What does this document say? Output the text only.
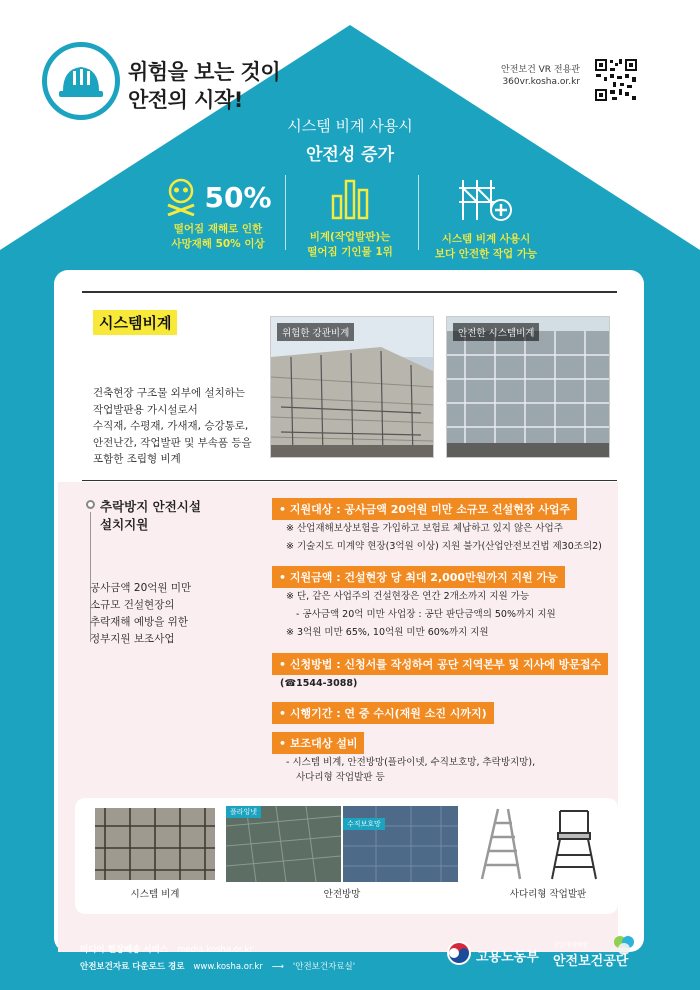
위험을 보는 것이
안전의 시작!
안전보건 VR 전용관
360vr.kosha.or.kr
시스템 비계 사용시
안전성 증가
50%
떨어짐 재해로 인한
사망재해 50% 이상
비계(작업발판)는
떨어짐 기인물 1위
시스템 비계 사용시
보다 안전한 작업 가능
시스템비계
건축현장 구조물 외부에 설치하는
작업발판용 가시설로서
수직재, 수평재, 가새재, 승강통로,
안전난간, 작업발판 및 부속품 등을
포함한 조립형 비계
위험한 강관비계	안전한 시스템비계
추락방지 안전시설
설치지원
공사금액 20억원 미만
소규모 건설현장의
추락재해 예방을 위한
정부지원 보조사업
• 지원대상 : 공사금액 20억원 미만 소규모 건설현장 사업주
※ 산업재해보상보험을 가입하고 보험료 체납하고 있지 않은 사업주
※ 기술지도 미계약 현장(3억원 이상) 지원 불가(산업안전보건법 제30조의2)
• 지원금액 : 건설현장 당 최대 2,000만원까지 지원 가능
※ 단, 같은 사업주의 건설현장은 연간 2개소까지 지원 가능
- 공사금액 20억 미만 사업장 : 공단 판단금액의 50%까지 지원
※ 3억원 미만 65%, 10억원 미만 60%까지 지원
• 신청방법 : 신청서를 작성하여 공단 지역본부 및 지사에 방문접수
(☎1544-3088)
• 시행기간 : 연 중 수시(재원 소진 시까지)
• 보조대상 설비
- 시스템 비계, 안전방망(플라이넷, 수직보호망, 추락방지망),
사다리형 작업발판 등
시스템 비계
플라잉넷
수직보호망
안전방망	사다리형 작업발판
미디어 현장배송 서비스 media.kosha.or.kr
안전보건자료 다운로드 경로 www.kosha.or.kr ⟶ '안전보건자료실'
고용노동부
산업재해예방
안전보건공단
